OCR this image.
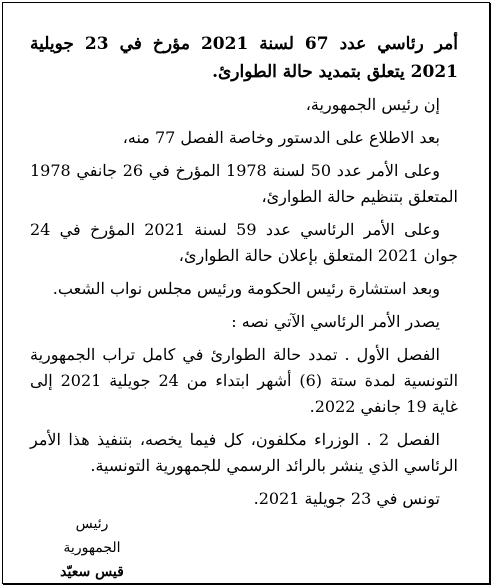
أمر رئاسي عدد 67 لسنة 2021 مؤرخ في 23 جويلية 2021 يتعلق بتمديد حالة الطوارئ.

إن رئيس الجمهورية،

بعد الاطلاع على الدستور وخاصة الفصل 77 منه،

وعلى الأمر عدد 50 لسنة 1978 المؤرخ في 26 جانفي 1978 المتعلق بتنظيم حالة الطوارئ،

وعلى الأمر الرئاسي عدد 59 لسنة 2021 المؤرخ في 24 جوان 2021 المتعلق بإعلان حالة الطوارئ،

وبعد استشارة رئيس الحكومة ورئيس مجلس نواب الشعب.

يصدر الأمر الرئاسي الآتي نصه :

الفصل الأول . تمدد حالة الطوارئ في كامل تراب الجمهورية التونسية لمدة ستة (6) أشهر ابتداء من 24 جويلية 2021 إلى غاية 19 جانفي 2022.

الفصل 2 . الوزراء مكلفون، كل فيما يخصه، بتنفيذ هذا الأمر الرئاسي الذي ينشر بالرائد الرسمي للجمهورية التونسية.

تونس في 23 جويلية 2021.

رئيس الجمهورية
قيس سعيّد
